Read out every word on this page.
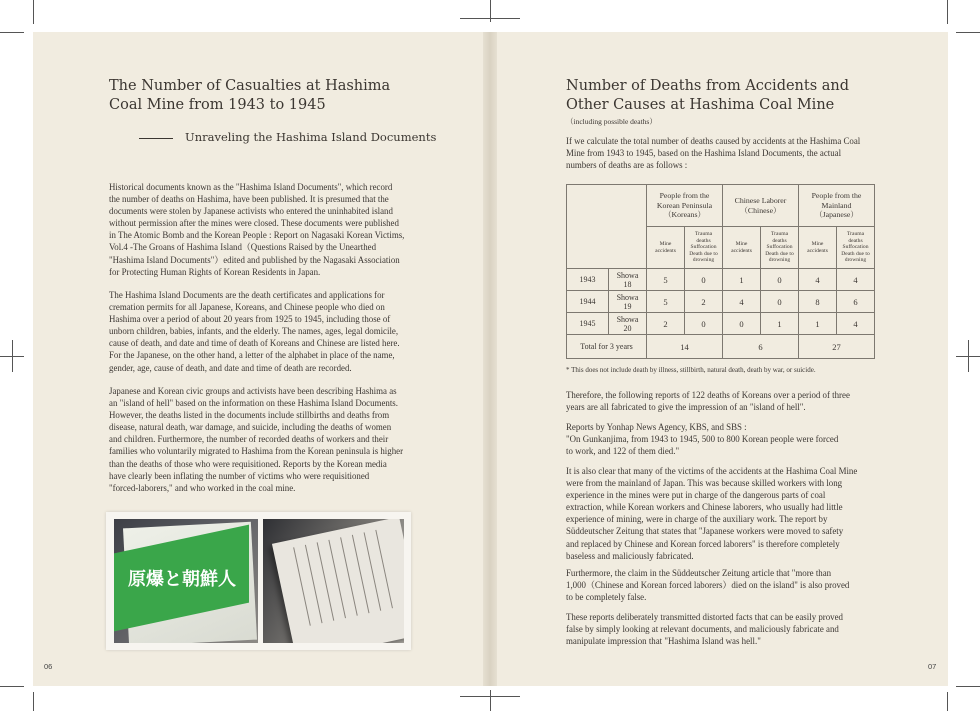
The Number of Casualties at Hashima
Coal Mine from 1943 to 1945
Unraveling the Hashima Island Documents

Historical documents known as the "Hashima Island Documents", which record
the number of deaths on Hashima, have been published. It is presumed that the
documents were stolen by Japanese activists who entered the uninhabited island
without permission after the mines were closed. These documents were published
in The Atomic Bomb and the Korean People : Report on Nagasaki Korean Victims,
Vol.4 -The Groans of Hashima Island（Questions Raised by the Unearthed
"Hashima Island Documents"）edited and published by the Nagasaki Association
for Protecting Human Rights of Korean Residents in Japan.

The Hashima Island Documents are the death certificates and applications for
cremation permits for all Japanese, Koreans, and Chinese people who died on
Hashima over a period of about 20 years from 1925 to 1945, including those of
unborn children, babies, infants, and the elderly. The names, ages, legal domicile,
cause of death, and date and time of death of Koreans and Chinese are listed here.
For the Japanese, on the other hand, a letter of the alphabet in place of the name,
gender, age, cause of death, and date and time of death are recorded.

Japanese and Korean civic groups and activists have been describing Hashima as
an "island of hell" based on the information on these Hashima Island Documents.
However, the deaths listed in the documents include stillbirths and deaths from
disease, natural death, war damage, and suicide, including the deaths of women
and children. Furthermore, the number of recorded deaths of workers and their
families who voluntarily migrated to Hashima from the Korean peninsula is higher
than the deaths of those who were requisitioned. Reports by the Korean media
have clearly been inflating the number of victims who were requisitioned
"forced-laborers," and who worked in the coal mine.

原爆と朝鮮人
06
Number of Deaths from Accidents and
Other Causes at Hashima Coal Mine
（including possible deaths）

If we calculate the total number of deaths caused by accidents at the Hashima Coal
Mine from 1943 to 1945, based on the Hashima Island Documents, the actual
numbers of deaths are as follows :

		People from the
Korean Peninsula
（Koreans）		Chinese Laborer
（Chinese）		People from the
Mainland
（Japanese）	
		Mine
accidents	Trauma
deaths
Suffocation
Death due to
drowning	Mine
accidents	Trauma
deaths
Suffocation
Death due to
drowning	Mine
accidents	Trauma
deaths
Suffocation
Death due to
drowning
1943	Showa
18	5	0	1	0	4	4
1944	Showa
19	5	2	4	0	8	6
1945	Showa
20	2	0	0	1	1	4
Total for 3 years		14		6		27	
* This does not include death by illness, stillbirth, natural death, death by war, or suicide.

Therefore, the following reports of 122 deaths of Koreans over a period of three
years are all fabricated to give the impression of an "island of hell".

Reports by Yonhap News Agency, KBS, and SBS :
"On Gunkanjima, from 1943 to 1945, 500 to 800 Korean people were forced
to work, and 122 of them died."

It is also clear that many of the victims of the accidents at the Hashima Coal Mine
were from the mainland of Japan. This was because skilled workers with long
experience in the mines were put in charge of the dangerous parts of coal
extraction, while Korean workers and Chinese laborers, who usually had little
experience of mining, were in charge of the auxiliary work. The report by
Süddeutscher Zeitung that states that "Japanese workers were moved to safety
and replaced by Chinese and Korean forced laborers" is therefore completely
baseless and maliciously fabricated.

Furthermore, the claim in the Süddeutscher Zeitung article that "more than
1,000（Chinese and Korean forced laborers）died on the island" is also proved
to be completely false.

These reports deliberately transmitted distorted facts that can be easily proved
false by simply looking at relevant documents, and maliciously fabricate and
manipulate impression that "Hashima Island was hell."

07
